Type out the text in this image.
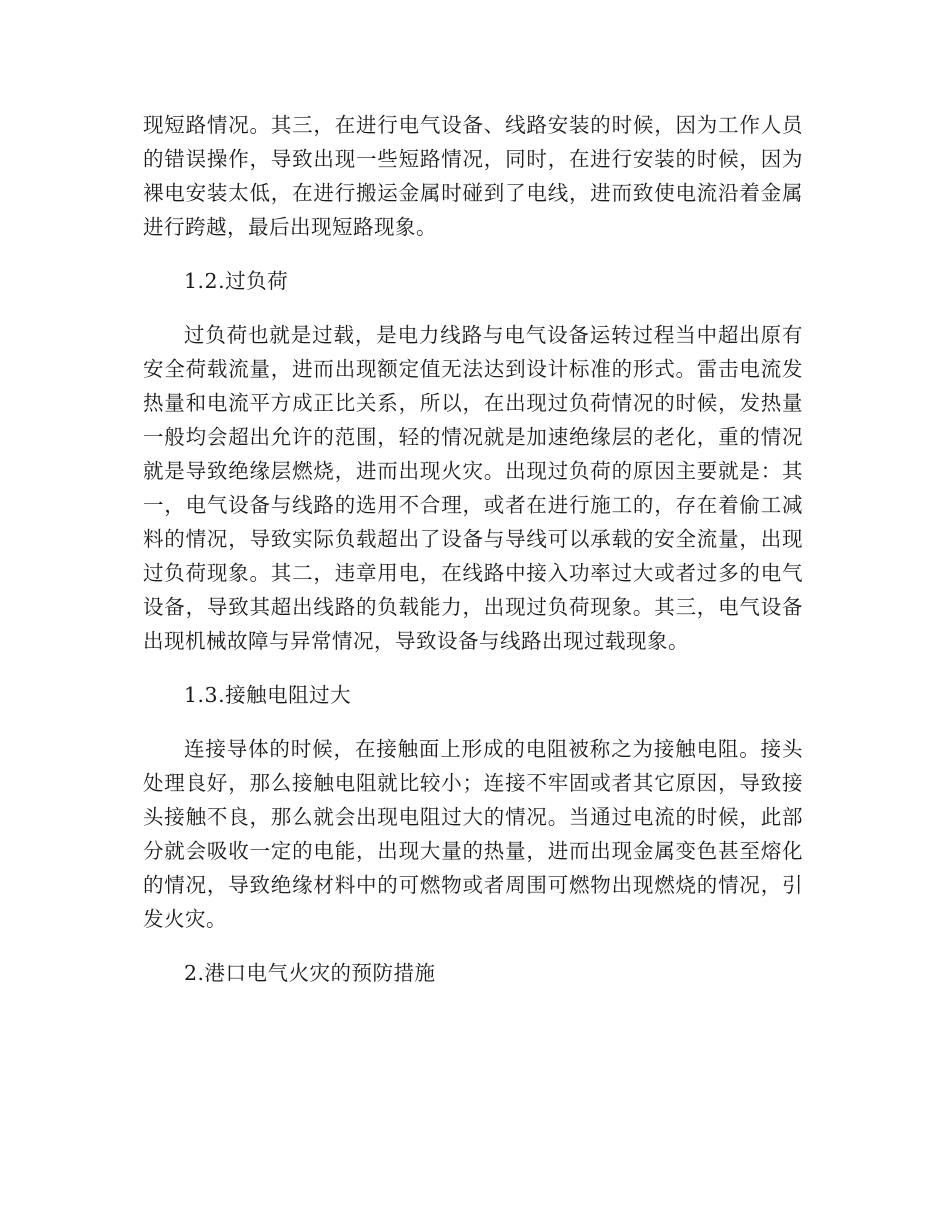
现短路情况。其三，在进行电气设备、线路安装的时候，因为工作人员的错误操作，导致出现一些短路情况，同时，在进行安装的时候，因为裸电安装太低，在进行搬运金属时碰到了电线，进而致使电流沿着金属进行跨越，最后出现短路现象。

1.2.过负荷

过负荷也就是过载，是电力线路与电气设备运转过程当中超出原有安全荷载流量，进而出现额定值无法达到设计标准的形式。雷击电流发热量和电流平方成正比关系，所以，在出现过负荷情况的时候，发热量一般均会超出允许的范围，轻的情况就是加速绝缘层的老化，重的情况就是导致绝缘层燃烧，进而出现火灾。出现过负荷的原因主要就是：其一，电气设备与线路的选用不合理，或者在进行施工的，存在着偷工减料的情况，导致实际负载超出了设备与导线可以承载的安全流量，出现过负荷现象。其二，违章用电，在线路中接入功率过大或者过多的电气设备，导致其超出线路的负载能力，出现过负荷现象。其三，电气设备出现机械故障与异常情况，导致设备与线路出现过载现象。

1.3.接触电阻过大

连接导体的时候，在接触面上形成的电阻被称之为接触电阻。接头处理良好，那么接触电阻就比较小；连接不牢固或者其它原因，导致接头接触不良，那么就会出现电阻过大的情况。当通过电流的时候，此部分就会吸收一定的电能，出现大量的热量，进而出现金属变色甚至熔化的情况，导致绝缘材料中的可燃物或者周围可燃物出现燃烧的情况，引发火灾。

2.港口电气火灾的预防措施
